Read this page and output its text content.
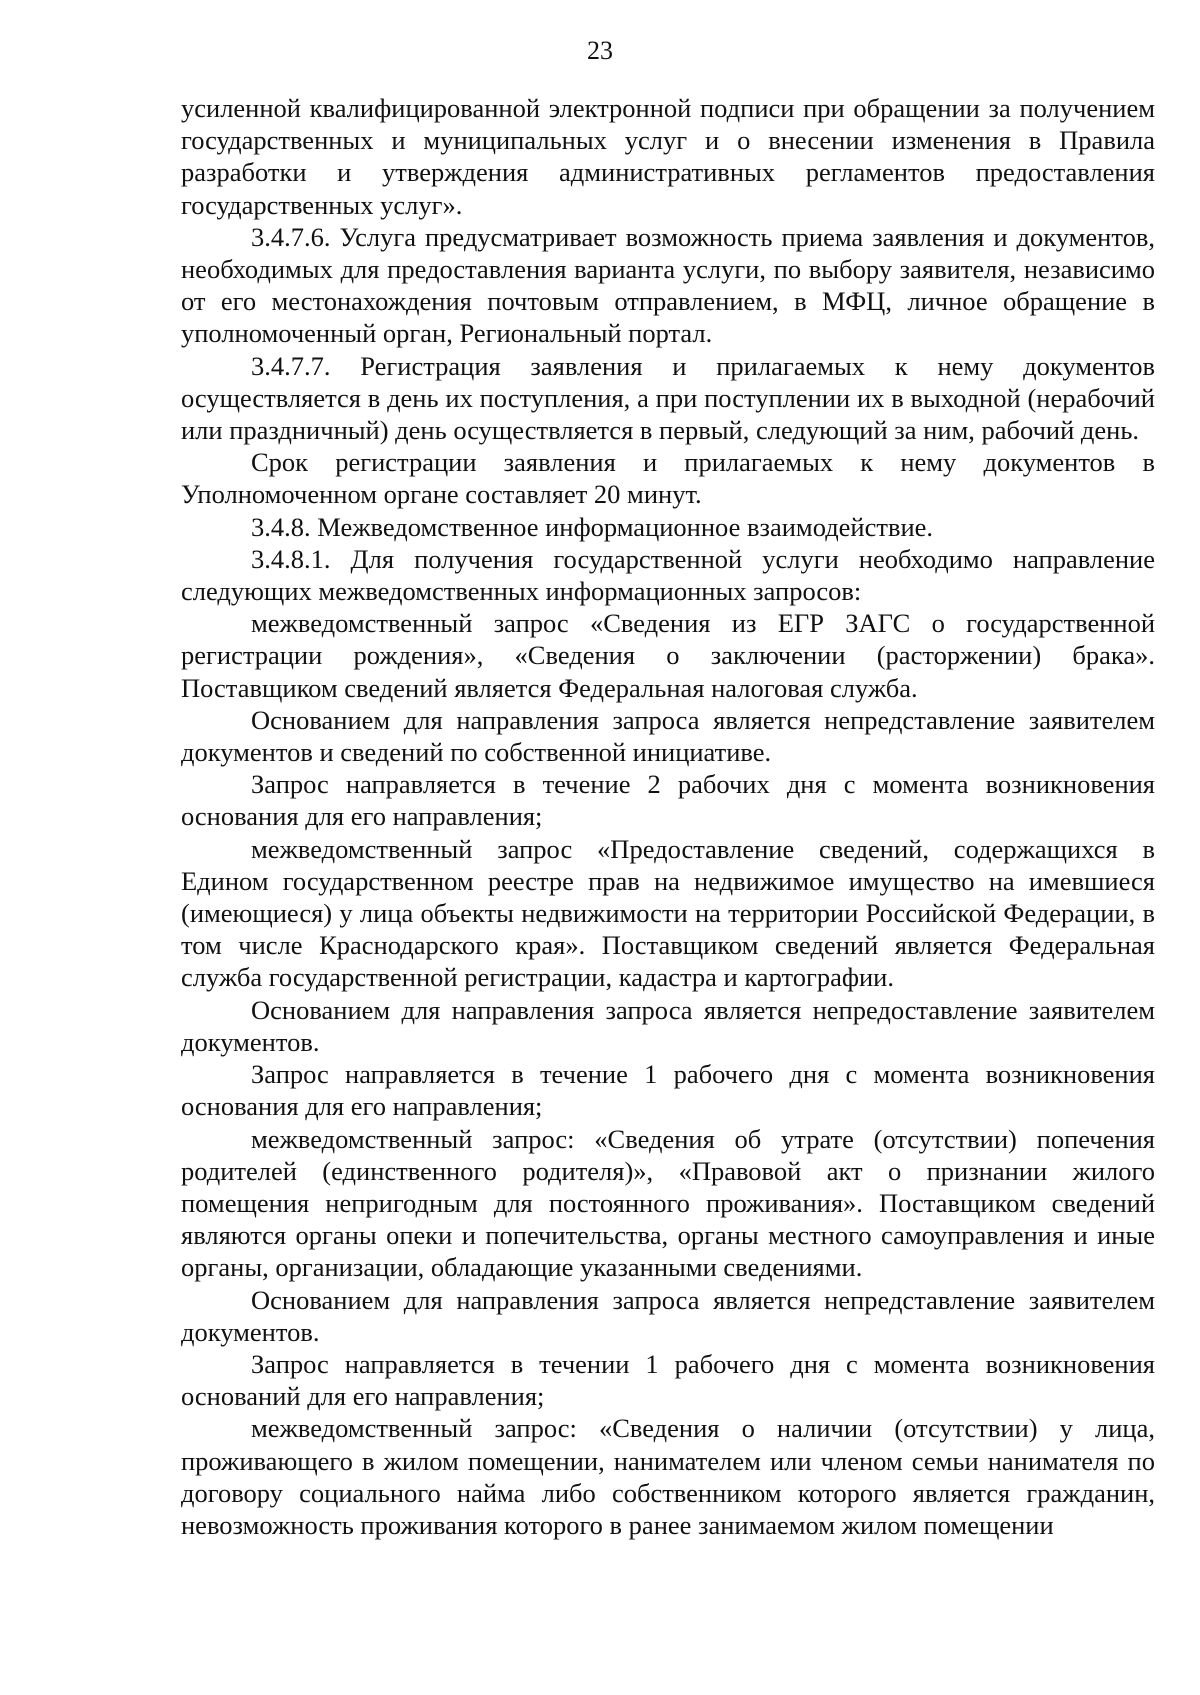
23

усиленной квалифицированной электронной подписи при обращении за получением государственных и муниципальных услуг и о внесении изменения в Правила разработки и утверждения административных регламентов предоставления государственных услуг».

3.4.7.6. Услуга предусматривает возможность приема заявления и документов, необходимых для предоставления варианта услуги, по выбору заявителя, независимо от его местонахождения почтовым отправлением, в МФЦ, личное обращение в уполномоченный орган, Региональный портал.

3.4.7.7. Регистрация заявления и прилагаемых к нему документов осуществляется в день их поступления, а при поступлении их в выходной (нерабочий или праздничный) день осуществляется в первый, следующий за ним, рабочий день.

Срок регистрации заявления и прилагаемых к нему документов в Уполномоченном органе составляет 20 минут.

3.4.8. Межведомственное информационное взаимодействие.

3.4.8.1. Для получения государственной услуги необходимо направление следующих межведомственных информационных запросов:

межведомственный запрос «Сведения из ЕГР ЗАГС о государственной регистрации рождения», «Сведения о заключении (расторжении) брака». Поставщиком сведений является Федеральная налоговая служба.

Основанием для направления запроса является непредставление заявителем документов и сведений по собственной инициативе.

Запрос направляется в течение 2 рабочих дня с момента возникновения основания для его направления;

межведомственный запрос «Предоставление сведений, содержащихся в Едином государственном реестре прав на недвижимое имущество на имевшиеся (имеющиеся) у лица объекты недвижимости на территории Российской Федерации, в том числе Краснодарского края». Поставщиком сведений является Федеральная служба государственной регистрации, кадастра и картографии.

Основанием для направления запроса является непредоставление заявителем документов.

Запрос направляется в течение 1 рабочего дня с момента возникновения основания для его направления;

межведомственный запрос: «Сведения об утрате (отсутствии) попечения родителей (единственного родителя)», «Правовой акт о признании жилого помещения непригодным для постоянного проживания». Поставщиком сведений являются органы опеки и попечительства, органы местного самоуправления и иные органы, организации, обладающие указанными сведениями.

Основанием для направления запроса является непредставление заявителем документов.

Запрос направляется в течении 1 рабочего дня с момента возникновения оснований для его направления;

межведомственный запрос: «Сведения о наличии (отсутствии) у лица, проживающего в жилом помещении, нанимателем или членом семьи нанимателя по договору социального найма либо собственником которого является гражданин, невозможность проживания которого в ранее занимаемом жилом помещении
